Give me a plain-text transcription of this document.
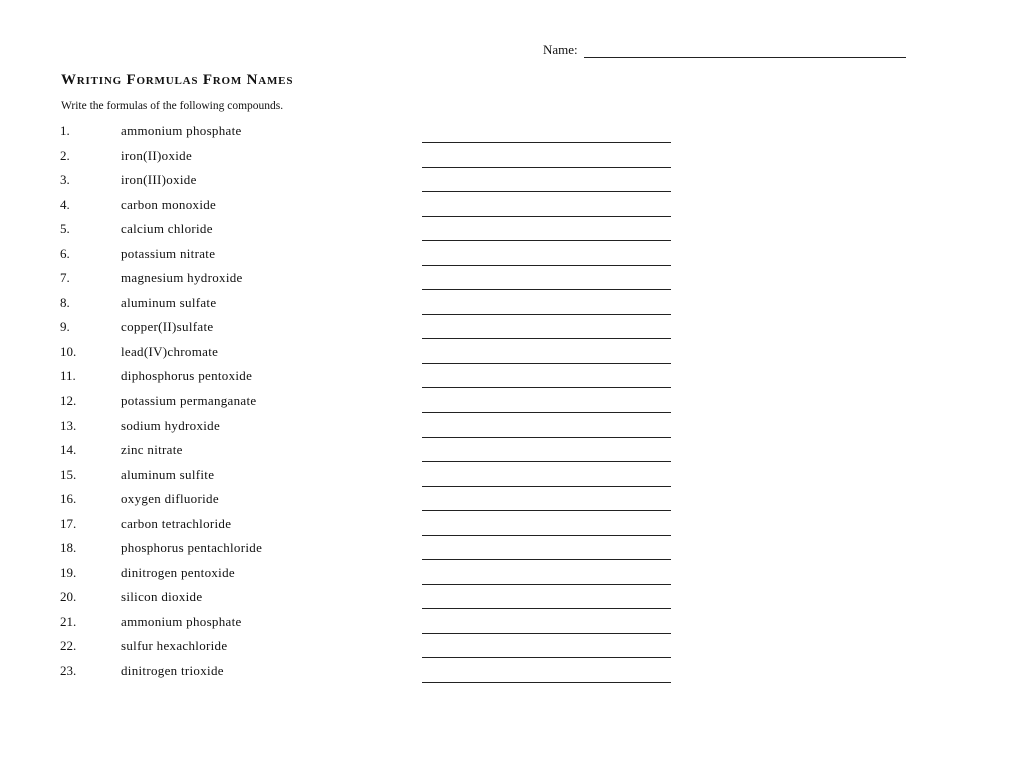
Name:
Writing Formulas From Names
Write the formulas of the following compounds.
1.	ammonium phosphate
2.	iron(II)oxide
3.	iron(III)oxide
4.	carbon monoxide
5.	calcium chloride
6.	potassium nitrate
7.	magnesium hydroxide
8.	aluminum sulfate
9.	copper(II)sulfate
10.	lead(IV)chromate
11.	diphosphorus pentoxide
12.	potassium permanganate
13.	sodium hydroxide
14.	zinc nitrate
15.	aluminum sulfite
16.	oxygen difluoride
17.	carbon tetrachloride
18.	phosphorus pentachloride
19.	dinitrogen pentoxide
20.	silicon dioxide
21.	ammonium phosphate
22.	sulfur hexachloride
23.	dinitrogen trioxide
